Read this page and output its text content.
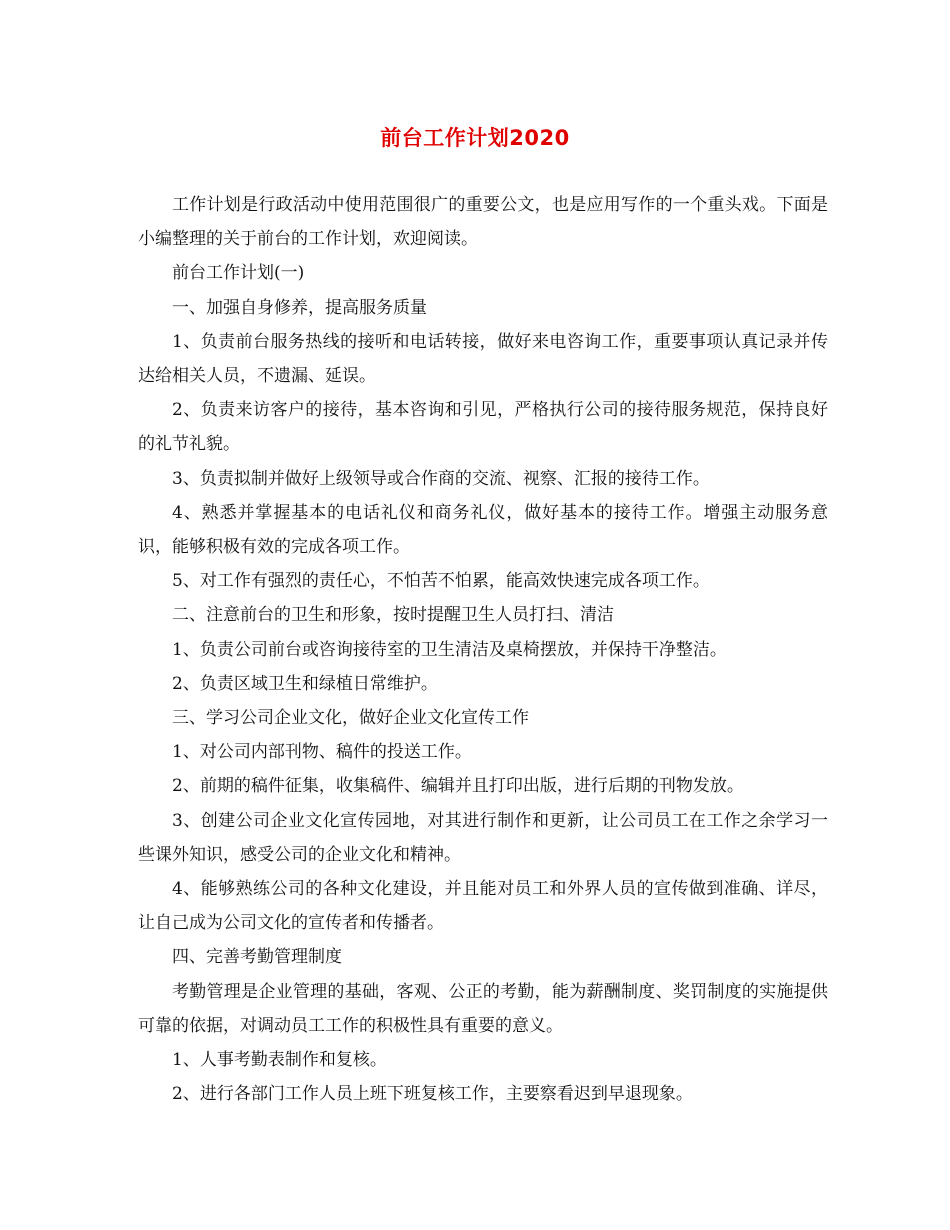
前台工作计划2020

工作计划是行政活动中使用范围很广的重要公文，也是应用写作的一个重头戏。下面是小编整理的关于前台的工作计划，欢迎阅读。

前台工作计划(一)

一、加强自身修养，提高服务质量

1、负责前台服务热线的接听和电话转接，做好来电咨询工作，重要事项认真记录并传达给相关人员，不遗漏、延误。

2、负责来访客户的接待，基本咨询和引见，严格执行公司的接待服务规范，保持良好的礼节礼貌。

3、负责拟制并做好上级领导或合作商的交流、视察、汇报的接待工作。

4、熟悉并掌握基本的电话礼仪和商务礼仪，做好基本的接待工作。增强主动服务意识，能够积极有效的完成各项工作。

5、对工作有强烈的责任心，不怕苦不怕累，能高效快速完成各项工作。

二、注意前台的卫生和形象，按时提醒卫生人员打扫、清洁

1、负责公司前台或咨询接待室的卫生清洁及桌椅摆放，并保持干净整洁。

2、负责区域卫生和绿植日常维护。

三、学习公司企业文化，做好企业文化宣传工作

1、对公司内部刊物、稿件的投送工作。

2、前期的稿件征集，收集稿件、编辑并且打印出版，进行后期的刊物发放。

3、创建公司企业文化宣传园地，对其进行制作和更新，让公司员工在工作之余学习一些课外知识，感受公司的企业文化和精神。

4、能够熟练公司的各种文化建设，并且能对员工和外界人员的宣传做到准确、详尽，让自己成为公司文化的宣传者和传播者。

四、完善考勤管理制度

考勤管理是企业管理的基础，客观、公正的考勤，能为薪酬制度、奖罚制度的实施提供可靠的依据，对调动员工工作的积极性具有重要的意义。

1、人事考勤表制作和复核。

2、进行各部门工作人员上班下班复核工作，主要察看迟到早退现象。
